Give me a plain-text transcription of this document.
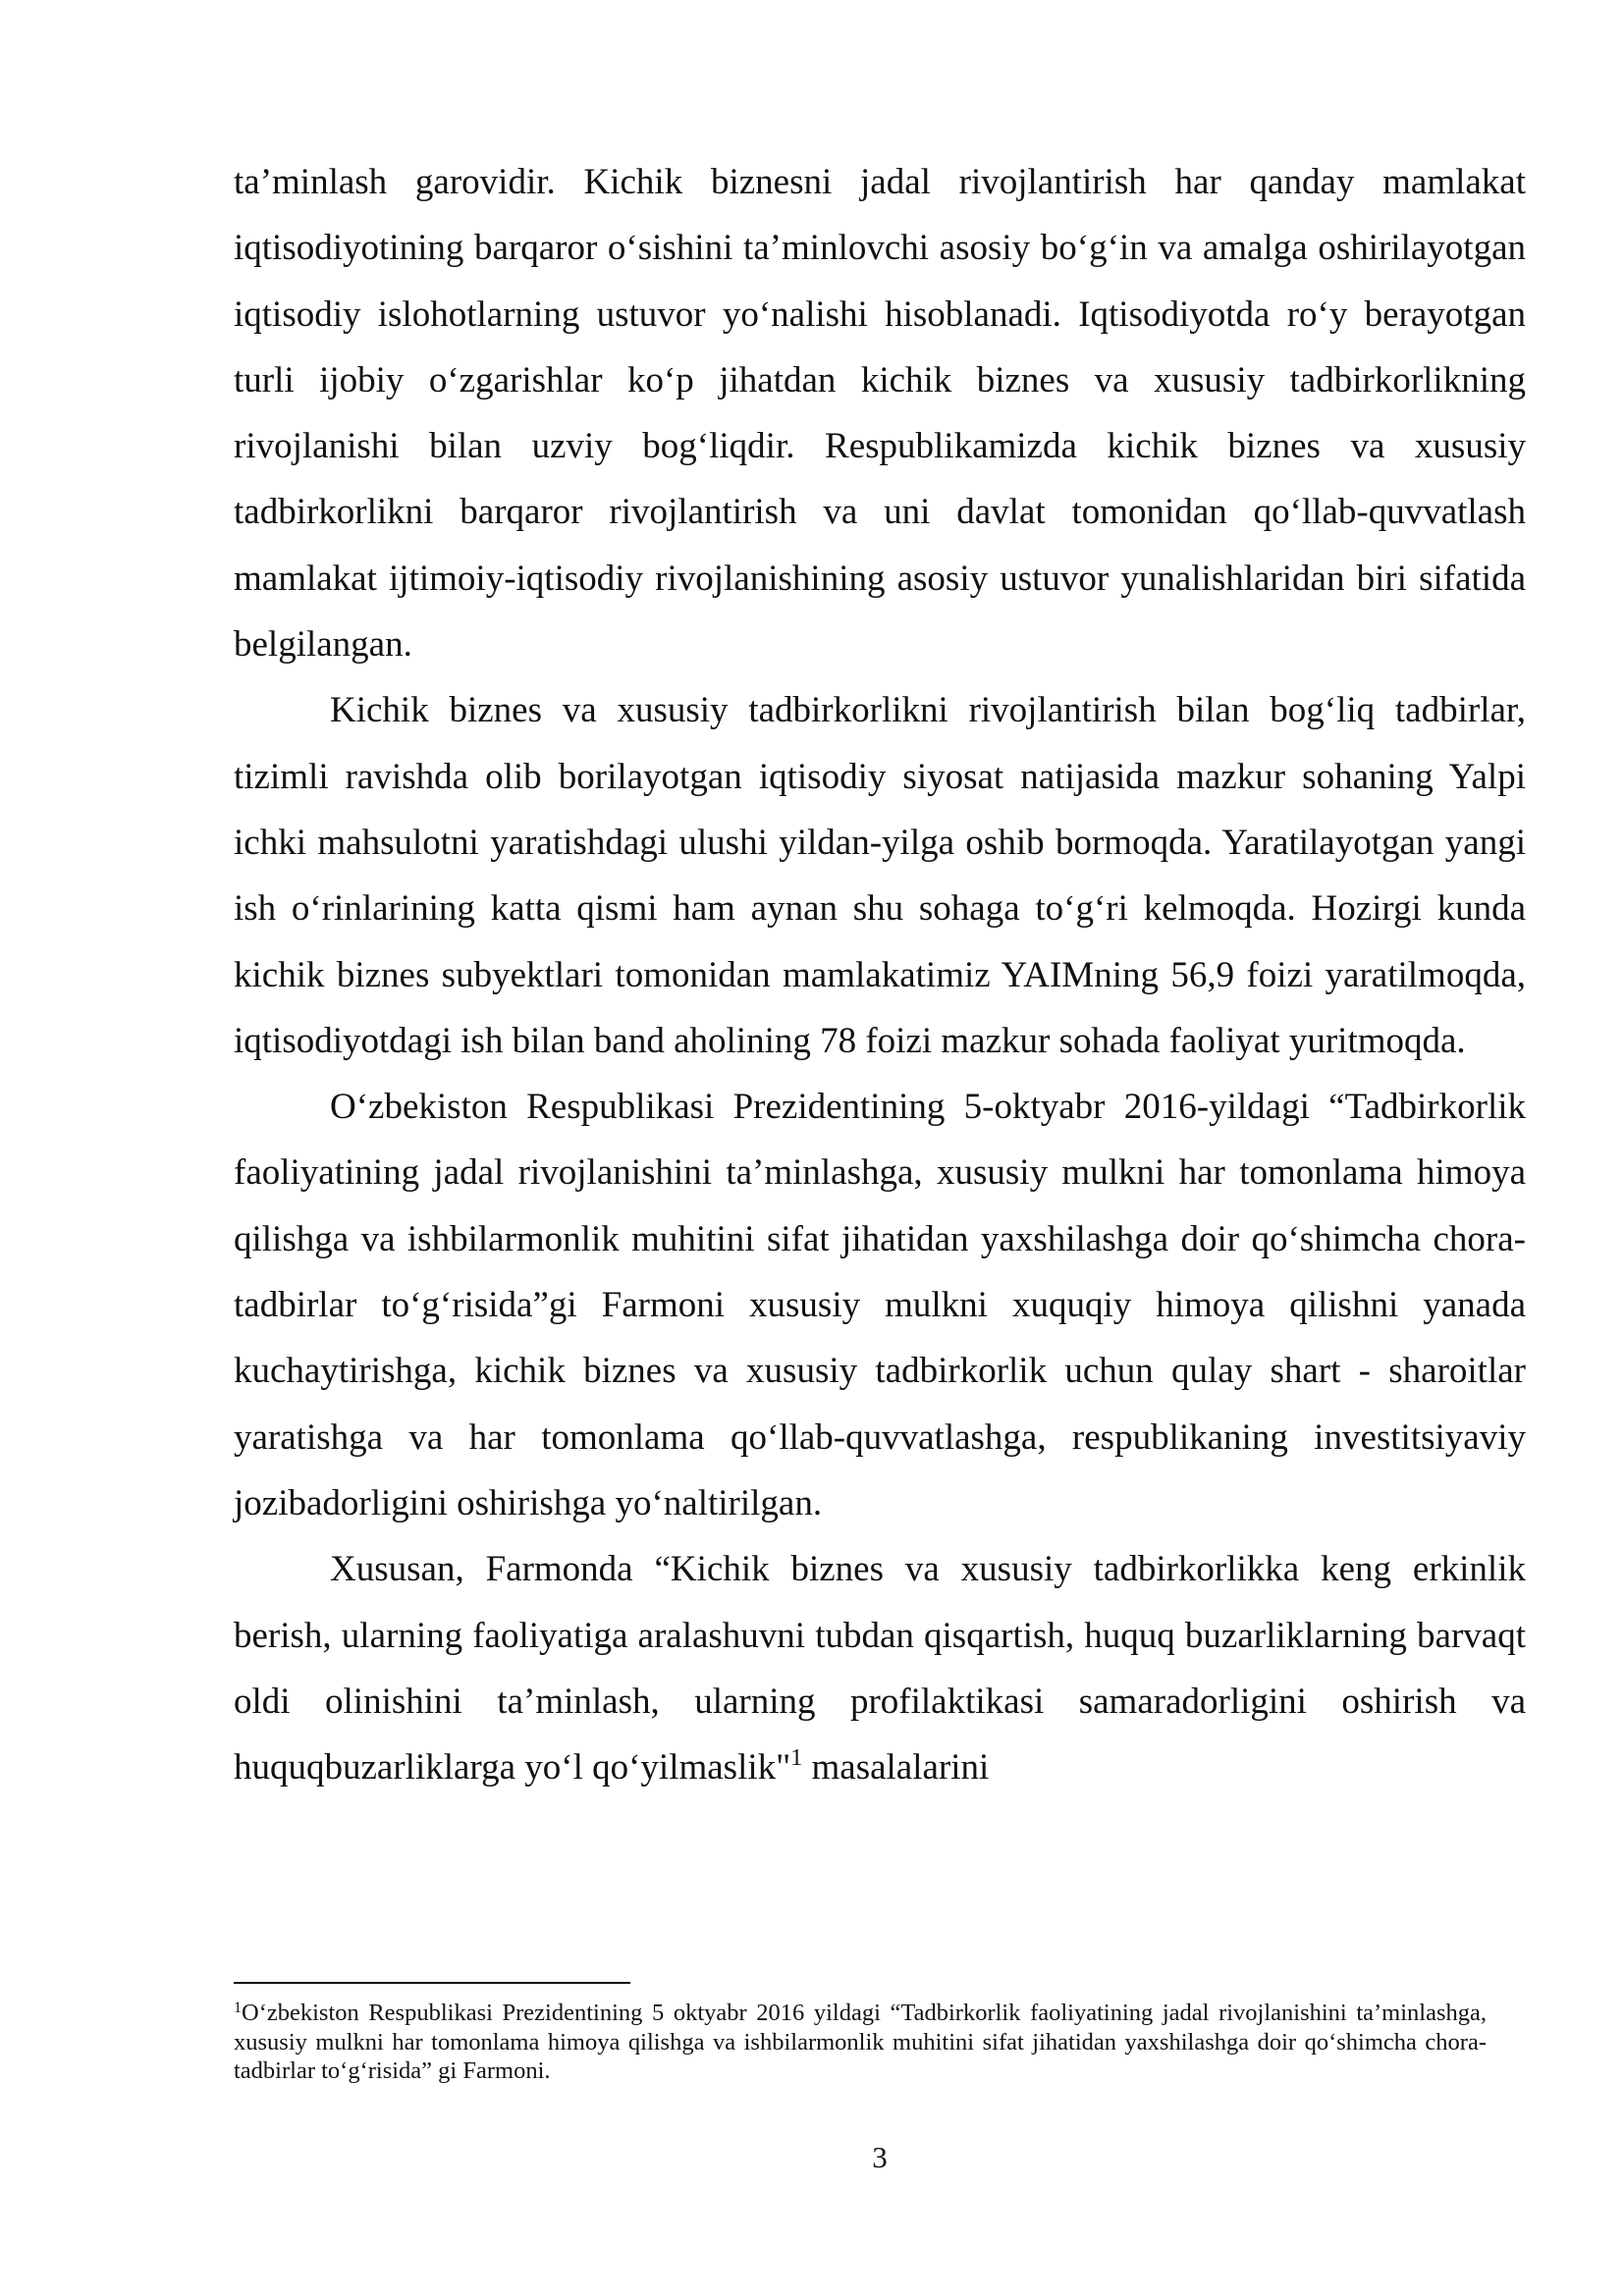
ta’minlash garovidir. Kichik biznesni jadal rivojlantirish har qanday mamlakat iqtisodiyotining barqaror o‘sishini ta’minlovchi asosiy bo‘g‘in va amalga oshirilayotgan iqtisodiy islohotlarning ustuvor yo‘nalishi hisoblanadi. Iqtisodiyotda ro‘y berayotgan turli ijobiy o‘zgarishlar ko‘p jihatdan kichik biznes va xususiy tadbirkorlikning rivojlanishi bilan uzviy bog‘liqdir. Respublikamizda kichik biznes va xususiy tadbirkorlikni barqaror rivojlantirish va uni davlat tomonidan qo‘llab-quvvatlash mamlakat ijtimoiy-iqtisodiy rivojlanishining asosiy ustuvor yunalishlaridan biri sifatida belgilangan.

Kichik biznes va xususiy tadbirkorlikni rivojlantirish bilan bog‘liq tadbirlar, tizimli ravishda olib borilayotgan iqtisodiy siyosat natijasida mazkur sohaning Yalpi ichki mahsulotni yaratishdagi ulushi yildan-yilga oshib bormoqda. Yaratilayotgan yangi ish o‘rinlarining katta qismi ham aynan shu sohaga to‘g‘ri kelmoqda. Hozirgi kunda kichik biznes subyektlari tomonidan mamlakatimiz YAIMning 56,9 foizi yaratilmoqda, iqtisodiyotdagi ish bilan band aholining 78 foizi mazkur sohada faoliyat yuritmoqda.

O‘zbekiston Respublikasi Prezidentining 5-oktyabr 2016-yildagi “Tadbirkorlik faoliyatining jadal rivojlanishini ta’minlashga, xususiy mulkni har tomonlama himoya qilishga va ishbilarmonlik muhitini sifat jihatidan yaxshilashga doir qo‘shimcha chora- tadbirlar to‘g‘risida”gi Farmoni xususiy mulkni xuquqiy himoya qilishni yanada kuchaytirishga, kichik biznes va xususiy tadbirkorlik uchun qulay shart - sharoitlar yaratishga va har tomonlama qo‘llab-quvvatlashga, respublikaning investitsiyaviy jozibadorligini oshirishga yo‘naltirilgan.

Xususan, Farmonda “Kichik biznes va xususiy tadbirkorlikka keng erkinlik berish, ularning faoliyatiga aralashuvni tubdan qisqartish, huquq buzarliklarning barvaqt oldi olinishini ta’minlash, ularning profilaktikasi samaradorligini oshirish va huquqbuzarliklarga yo‘l qo‘yilmaslik"$^1$ masalalarini

$^1$O‘zbekiston Respublikasi Prezidentining 5 oktyabr 2016 yildagi “Tadbirkorlik faoliyatining jadal rivojlanishini ta’minlashga, xususiy mulkni har tomonlama himoya qilishga va ishbilarmonlik muhitini sifat jihatidan yaxshilashga doir qo‘shimcha chora- tadbirlar to‘g‘risida” gi Farmoni.

3
